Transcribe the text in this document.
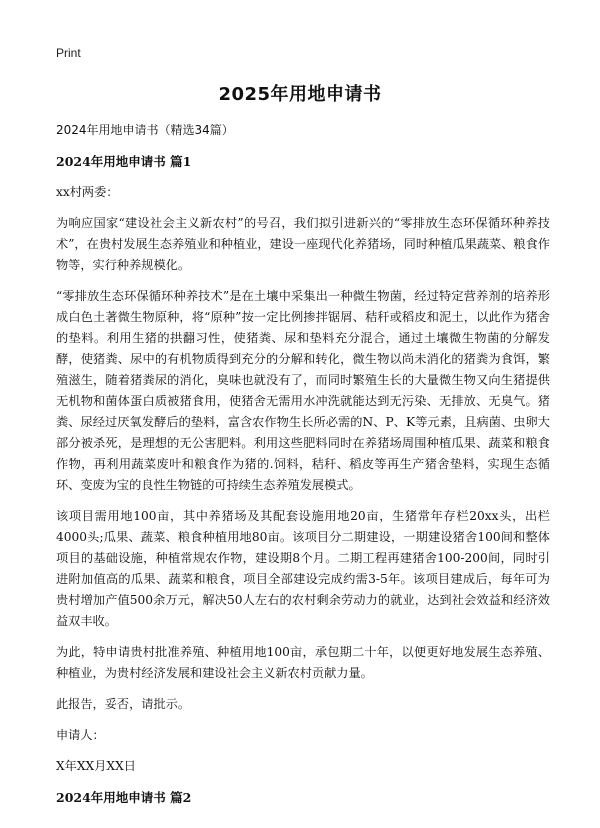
Print
2025年用地申请书

2024年用地申请书（精选34篇）

2024年用地申请书 篇1

xx村两委：

为响应国家“建设社会主义新农村”的号召，我们拟引进新兴的“零排放生态环保循环种养技术”，在贵村发展生态养殖业和种植业，建设一座现代化养猪场，同时种植瓜果蔬菜、粮食作物等，实行种养规模化。

“零排放生态环保循环种养技术”是在土壤中采集出一种微生物菌，经过特定营养剂的培养形成白色土著微生物原种，将“原种”按一定比例掺拌锯屑、秸秆或稻皮和泥土，以此作为猪舍的垫料。利用生猪的拱翻习性，使猪粪、尿和垫料充分混合，通过土壤微生物菌的分解发酵，使猪粪、尿中的有机物质得到充分的分解和转化，微生物以尚未消化的猪粪为食饵，繁殖滋生，随着猪粪尿的消化，臭味也就没有了，而同时繁殖生长的大量微生物又向生猪提供无机物和菌体蛋白质被猪食用，使猪舍无需用水冲洗就能达到无污染、无排放、无臭气。猪粪、尿经过厌氧发酵后的垫料，富含农作物生长所必需的N、P、K等元素，且病菌、虫卵大部分被杀死，是理想的无公害肥料。利用这些肥料同时在养猪场周围种植瓜果、蔬菜和粮食作物，再利用蔬菜废叶和粮食作为猪的.饲料，秸秆、稻皮等再生产猪舍垫料，实现生态循环、变废为宝的良性生物链的可持续生态养殖发展模式。

该项目需用地100亩，其中养猪场及其配套设施用地20亩，生猪常年存栏20xx头，出栏4000头;瓜果、蔬菜、粮食种植用地80亩。该项目分二期建设，一期建设猪舍100间和整体项目的基础设施，种植常规农作物，建设期8个月。二期工程再建猪舍100-200间，同时引进附加值高的瓜果、蔬菜和粮食，项目全部建设完成约需3-5年。该项目建成后，每年可为贵村增加产值500余万元，解决50人左右的农村剩余劳动力的就业，达到社会效益和经济效益双丰收。

为此，特申请贵村批准养殖、种植用地100亩，承包期二十年，以便更好地发展生态养殖、种植业，为贵村经济发展和建设社会主义新农村贡献力量。

此报告，妥否，请批示。

申请人：

X年XX月XX日

2024年用地申请书 篇2
